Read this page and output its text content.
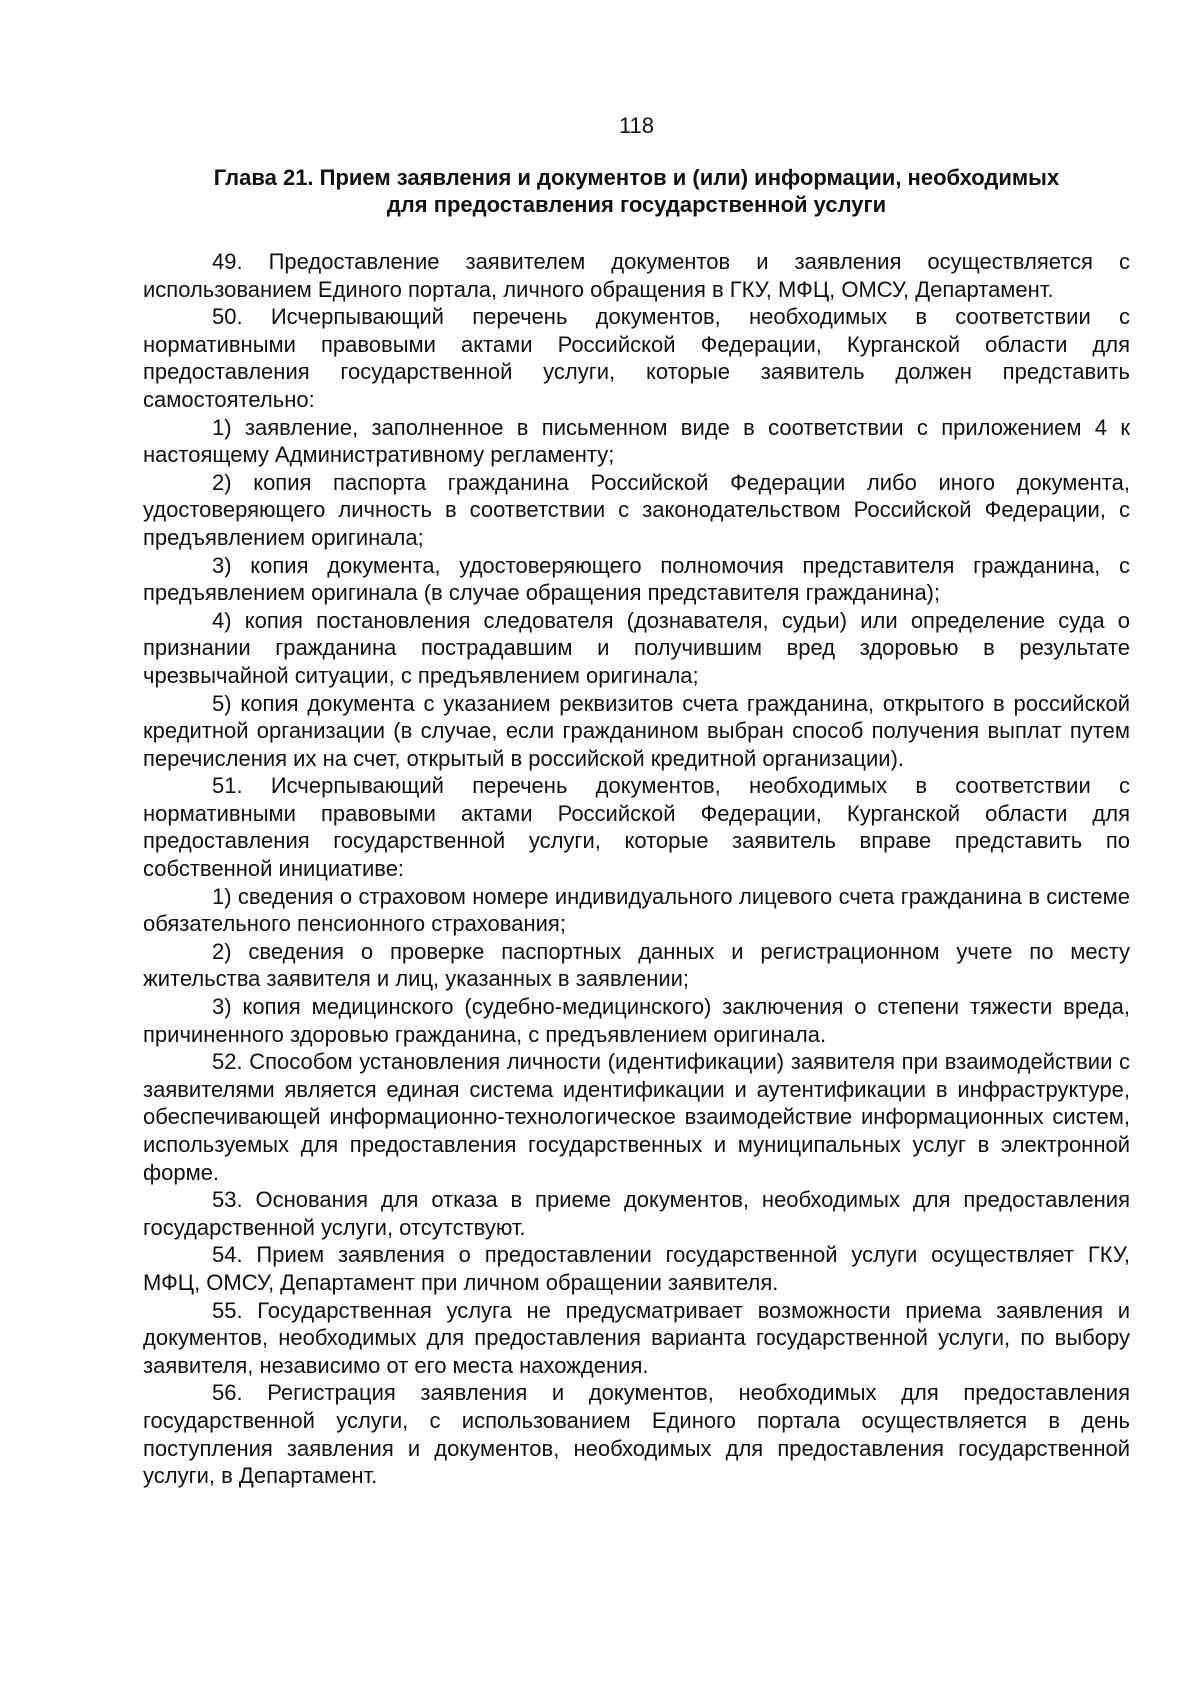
118
Глава 21. Прием заявления и документов и (или) информации, необходимых
для предоставления государственной услуги

49. Предоставление заявителем документов и заявления осуществляется с использованием Единого портала, личного обращения в ГКУ, МФЦ, ОМСУ, Департамент.

50. Исчерпывающий перечень документов, необходимых в соответствии с нормативными правовыми актами Российской Федерации, Курганской области для предоставления государственной услуги, которые заявитель должен представить самостоятельно:

1) заявление, заполненное в письменном виде в соответствии с приложением 4 к настоящему Административному регламенту;

2) копия паспорта гражданина Российской Федерации либо иного документа, удостоверяющего личность в соответствии с законодательством Российской Федерации, с предъявлением оригинала;

3) копия документа, удостоверяющего полномочия представителя гражданина, с предъявлением оригинала (в случае обращения представителя гражданина);

4) копия постановления следователя (дознавателя, судьи) или определение суда о признании гражданина пострадавшим и получившим вред здоровью в результате чрезвычайной ситуации, с предъявлением оригинала;

5) копия документа с указанием реквизитов счета гражданина, открытого в российской кредитной организации (в случае, если гражданином выбран способ получения выплат путем перечисления их на счет, открытый в российской кредитной организации).

51. Исчерпывающий перечень документов, необходимых в соответствии с нормативными правовыми актами Российской Федерации, Курганской области для предоставления государственной услуги, которые заявитель вправе представить по собственной инициативе:

1) сведения о страховом номере индивидуального лицевого счета гражданина в системе обязательного пенсионного страхования;

2) сведения о проверке паспортных данных и регистрационном учете по месту жительства заявителя и лиц, указанных в заявлении;

3) копия медицинского (судебно-медицинского) заключения о степени тяжести вреда, причиненного здоровью гражданина, с предъявлением оригинала.

52. Способом установления личности (идентификации) заявителя при взаимодействии с заявителями является единая система идентификации и аутентификации в инфраструктуре, обеспечивающей информационно-технологическое взаимодействие информационных систем, используемых для предоставления государственных и муниципальных услуг в электронной форме.

53. Основания для отказа в приеме документов, необходимых для предоставления государственной услуги, отсутствуют.

54. Прием заявления о предоставлении государственной услуги осуществляет ГКУ, МФЦ, ОМСУ, Департамент при личном обращении заявителя.

55. Государственная услуга не предусматривает возможности приема заявления и документов, необходимых для предоставления варианта государственной услуги, по выбору заявителя, независимо от его места нахождения.

56. Регистрация заявления и документов, необходимых для предоставления государственной услуги, с использованием Единого портала осуществляется в день поступления заявления и документов, необходимых для предоставления государственной услуги, в Департамент.
